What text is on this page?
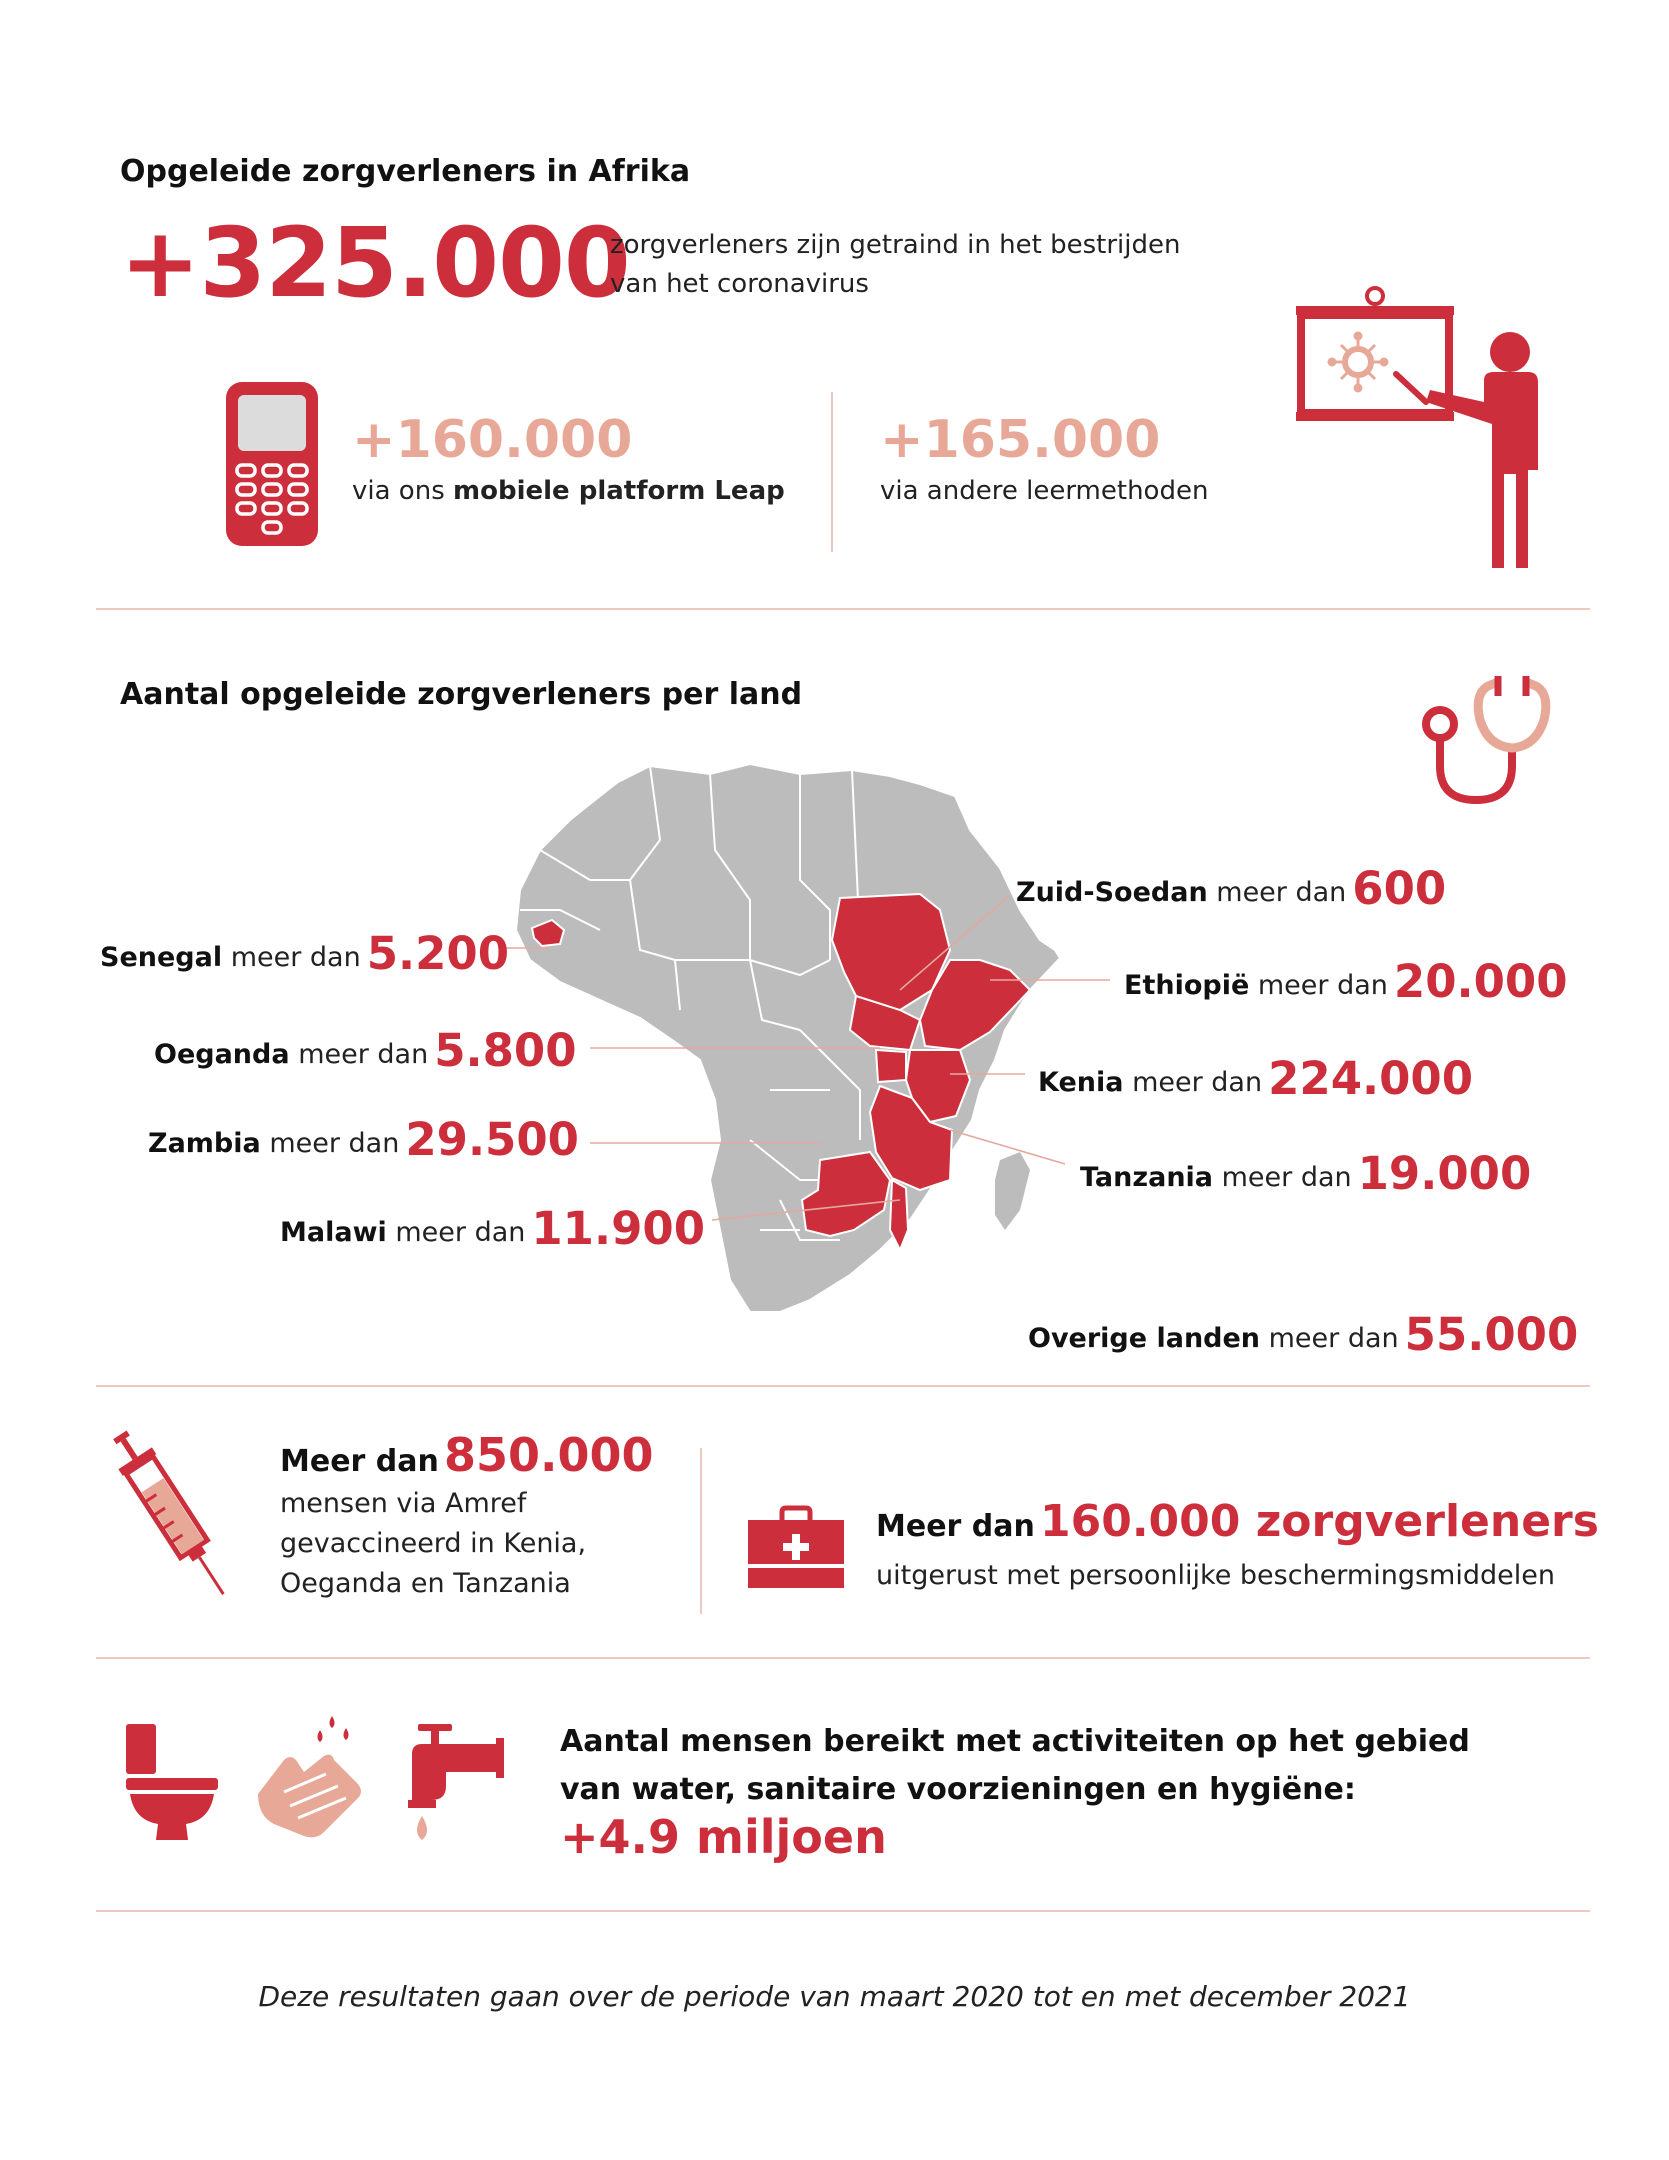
Opgeleide zorgverleners in Afrika
+325.000
zorgverleners zijn getraind in het bestrijden
van het coronavirus
+160.000
via ons mobiele platform Leap
+165.000
via andere leermethoden
Aantal opgeleide zorgverleners per land
Senegal meer dan 5.200
Oeganda meer dan 5.800
Zambia meer dan 29.500
Malawi meer dan 11.900
Zuid-Soedan meer dan 600
Ethiopië meer dan 20.000
Kenia meer dan 224.000
Tanzania meer dan 19.000
Overige landen meer dan 55.000
Meer dan 850.000
mensen via Amref
gevaccineerd in Kenia,
Oeganda en Tanzania
Meer dan 160.000 zorgverleners
uitgerust met persoonlijke beschermingsmiddelen
Aantal mensen bereikt met activiteiten op het gebied
van water, sanitaire voorzieningen en hygiëne:
+4.9 miljoen
Deze resultaten gaan over de periode van maart 2020 tot en met december 2021
